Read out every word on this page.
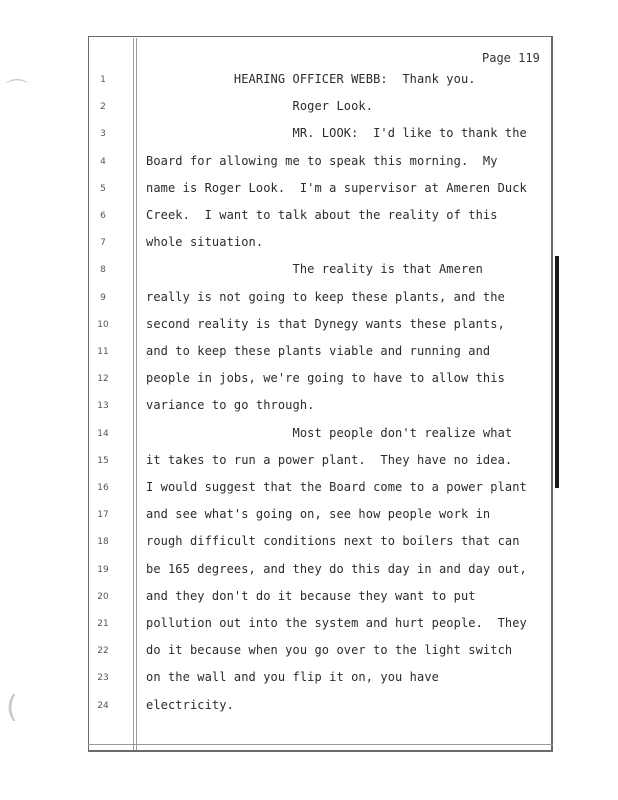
⌒
(
Page 119
1	HEARING OFFICER WEBB:  Thank you.
2	Roger Look.
3	MR. LOOK:  I'd like to thank the
4	Board for allowing me to speak this morning.  My
5	name is Roger Look.  I'm a supervisor at Ameren Duck
6	Creek.  I want to talk about the reality of this
7	whole situation.
8	The reality is that Ameren
9	really is not going to keep these plants, and the
10	second reality is that Dynegy wants these plants,
11	and to keep these plants viable and running and
12	people in jobs, we're going to have to allow this
13	variance to go through.
14	Most people don't realize what
15	it takes to run a power plant.  They have no idea.
16	I would suggest that the Board come to a power plant
17	and see what's going on, see how people work in
18	rough difficult conditions next to boilers that can
19	be 165 degrees, and they do this day in and day out,
20	and they don't do it because they want to put
21	pollution out into the system and hurt people.  They
22	do it because when you go over to the light switch
23	on the wall and you flip it on, you have
24	electricity.
